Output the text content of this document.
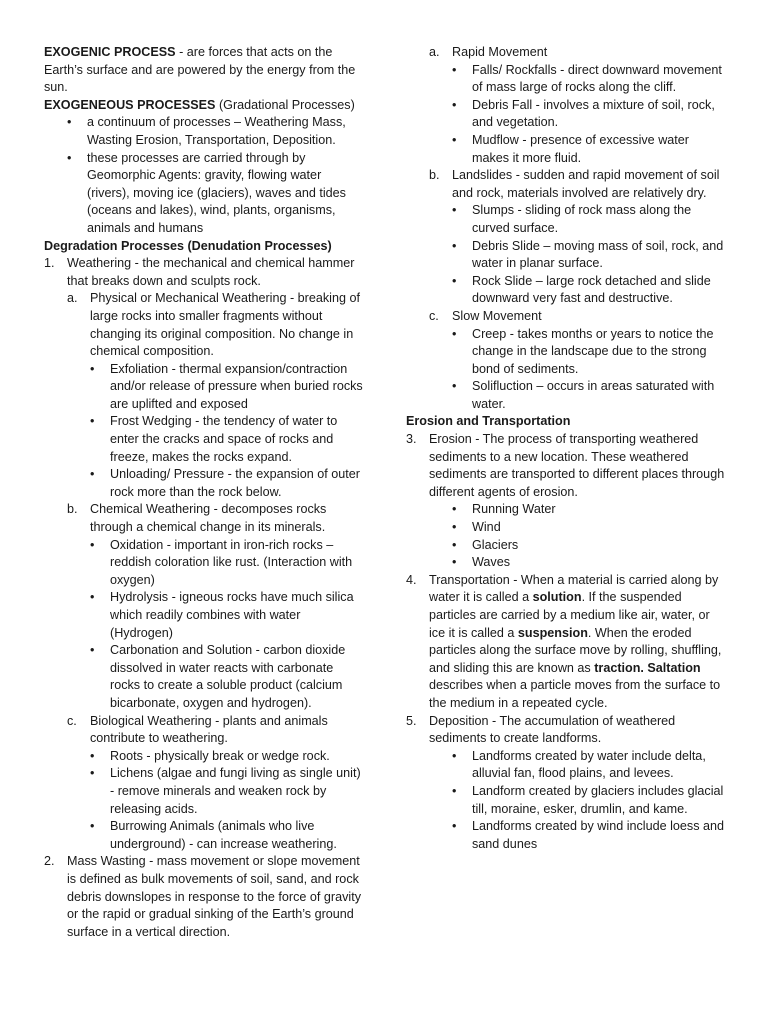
EXOGENIC PROCESS - are forces that acts on the Earth’s surface and are powered by the energy from the sun.

EXOGENEOUS PROCESSES (Gradational Processes)

•	a continuum of processes – Weathering Mass, Wasting Erosion, Transportation, Deposition.
•	these processes are carried through by Geomorphic Agents: gravity, flowing water (rivers), moving ice (glaciers), waves and tides (oceans and lakes), wind, plants, organisms, animals and humans

Degradation Processes (Denudation Processes)

1. Weathering - the mechanical and chemical hammer that breaks down and sculpts rock.
a. Physical or Mechanical Weathering - breaking of large rocks into smaller fragments without changing its original composition. No change in chemical composition.
•	Exfoliation - thermal expansion/contraction and/or release of pressure when buried rocks are uplifted and exposed
•	Frost Wedging - the tendency of water to enter the cracks and space of rocks and freeze, makes the rocks expand.
•	Unloading/ Pressure - the expansion of outer rock more than the rock below.
b. Chemical Weathering - decomposes rocks through a chemical change in its minerals.
•	Oxidation - important in iron-rich rocks – reddish coloration like rust. (Interaction with oxygen)
•	Hydrolysis - igneous rocks have much silica which readily combines with water (Hydrogen)
•	Carbonation and Solution - carbon dioxide dissolved in water reacts with carbonate rocks to create a soluble product (calcium bicarbonate, oxygen and hydrogen).
c.	Biological Weathering - plants and animals contribute to weathering.
•	Roots - physically break or wedge rock.
•	Lichens (algae and fungi living as single unit) - remove minerals and weaken rock by releasing acids.
•	Burrowing Animals (animals who live underground) - can increase weathering.
2. Mass Wasting - mass movement or slope movement is defined as bulk movements of soil, sand, and rock debris downslopes in response to the force of gravity or the rapid or gradual sinking of the Earth’s ground surface in a vertical direction.
a. Rapid Movement
•	Falls/ Rockfalls - direct downward movement of mass large of rocks along the cliff.
•	Debris Fall - involves a mixture of soil, rock, and vegetation.
•	Mudflow - presence of excessive water makes it more fluid.
b. Landslides - sudden and rapid movement of soil and rock, materials involved are relatively dry.
•	Slumps - sliding of rock mass along the curved surface.
•	Debris Slide – moving mass of soil, rock, and water in planar surface.
•	Rock Slide – large rock detached and slide downward very fast and destructive.
c.	Slow Movement
•	Creep - takes months or years to notice the change in the landscape due to the strong bond of sediments.
•	Solifluction – occurs in areas saturated with water.

Erosion and Transportation

3. Erosion - The process of transporting weathered sediments to a new location. These weathered sediments are transported to different places through different agents of erosion.
•	Running Water
•	Wind
•	Glaciers
•	Waves
4. Transportation - When a material is carried along by water it is called a solution. If the suspended particles are carried by a medium like air, water, or ice it is called a suspension. When the eroded particles along the surface move by rolling, shuffling, and sliding this are known as traction. Saltation describes when a particle moves from the surface to the medium in a repeated cycle.
5. Deposition - The accumulation of weathered sediments to create landforms.
•	Landforms created by water include delta, alluvial fan, flood plains, and levees.
•	Landform created by glaciers includes glacial till, moraine, esker, drumlin, and kame.
•	Landforms created by wind include loess and sand dunes
